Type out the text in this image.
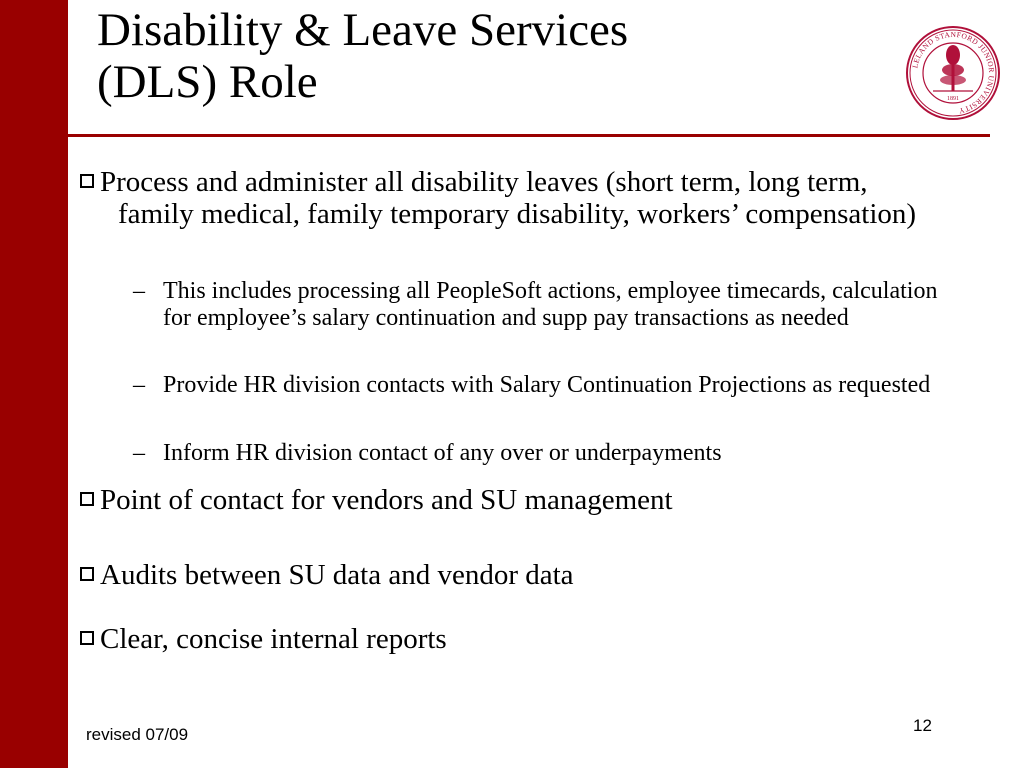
Disability & Leave Services
(DLS) Role	LELAND STANFORD JUNIOR UNIVERSITY
1891
Process and administer all disability leaves (short term, long term, family medical, family temporary disability, workers’ compensation)
– This includes processing all PeopleSoft actions, employee timecards, calculation for employee’s salary continuation and supp pay transactions as needed
– Provide HR division contacts with Salary Continuation Projections as requested
– Inform HR division contact of any over or underpayments
Point of contact for vendors and SU management
Audits between SU data and vendor data
Clear, concise internal reports
revised 07/09	12
